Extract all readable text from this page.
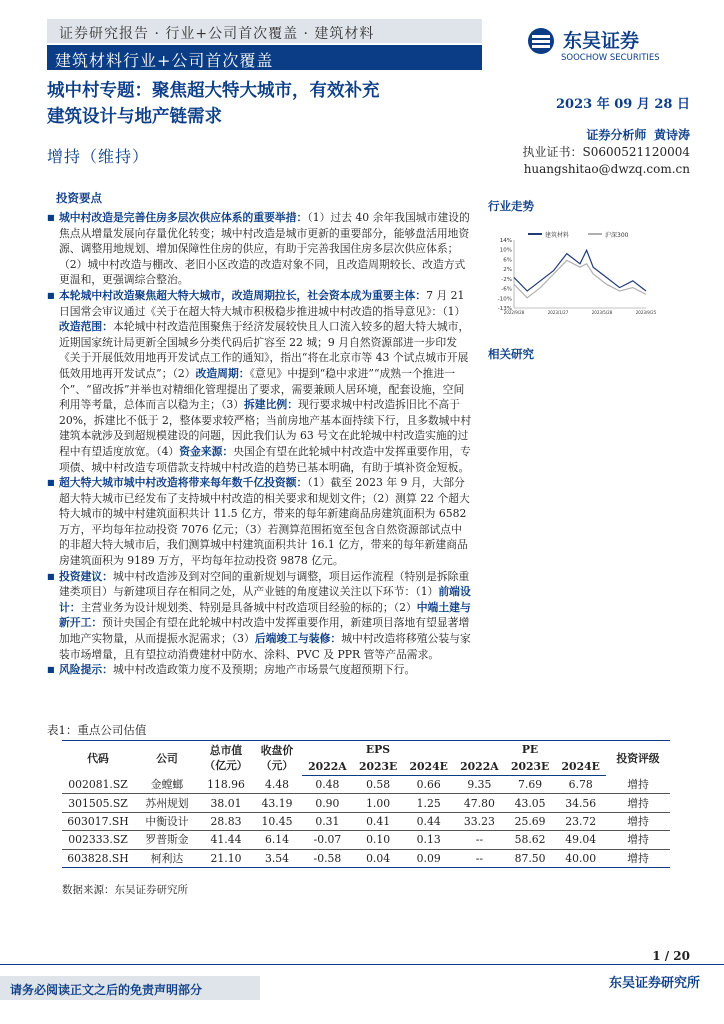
证券研究报告 · 行业+公司首次覆盖 · 建筑材料
建筑材料行业+公司首次覆盖
东吴证券
SOOCHOW SECURITIES
城中村专题：聚焦超大特大城市，有效补充
建筑设计与地产链需求
增持（维持）
2023 年 09 月 28 日
证券分析师 黄诗涛
执业证书：S0600521120004
huangshitao@dwzq.com.cn
投资要点
■ 城中村改造是完善住房多层次供应体系的重要举措：（1）过去 40 余年我国城市建设的焦点从增量发展向存量优化转变；城中村改造是城市更新的重要部分，能够盘活用地资源、调整用地规划、增加保障性住房的供应，有助于完善我国住房多层次供应体系；（2）城中村改造与棚改、老旧小区改造的改造对象不同，且改造周期较长、改造方式更温和，更强调综合整治。
■ 本轮城中村改造聚焦超大特大城市，改造周期拉长，社会资本成为重要主体：7 月 21 日国常会审议通过《关于在超大特大城市积极稳步推进城中村改造的指导意见》：（1）改造范围：本轮城中村改造范围聚焦于经济发展较快且人口流入较多的超大特大城市，近期国家统计局更新全国城乡分类代码后扩容至 22 城；9 月自然资源部进一步印发《关于开展低效用地再开发试点工作的通知》，指出“将在北京市等 43 个试点城市开展低效用地再开发试点”；（2）改造周期：《意见》中提到“稳中求进”“成熟一个推进一个”、“留改拆”并举也对精细化管理提出了要求，需要兼顾人居环境，配套设施，空间利用等考量，总体而言以稳为主；（3）拆建比例：现行要求城中村改造拆旧比不高于 20%，拆建比不低于 2，整体要求较严格；当前房地产基本面持续下行，且多数城中村建筑本就涉及到超规模建设的问题，因此我们认为 63 号文在此轮城中村改造实施的过程中有望适度放宽。（4）资金来源：央国企有望在此轮城中村改造中发挥重要作用，专项债、城中村改造专项借款支持城中村改造的趋势已基本明确，有助于填补资金短板。
■ 超大特大城市城中村改造将带来每年数千亿投资额：（1）截至 2023 年 9 月，大部分超大特大城市已经发布了支持城中村改造的相关要求和规划文件；（2）测算 22 个超大特大城市的城中村建筑面积共计 11.5 亿方，带来的每年新建商品房建筑面积为 6582 万方，平均每年拉动投资 7076 亿元；（3）若测算范围拓宽至包含自然资源部试点中的非超大特大城市后，我们测算城中村建筑面积共计 16.1 亿方，带来的每年新建商品房建筑面积为 9189 万方，平均每年拉动投资 9878 亿元。
■ 投资建议：城中村改造涉及到对空间的重新规划与调整，项目运作流程（特别是拆除重建类项目）与新建项目存在相同之处，从产业链的角度建议关注以下环节：（1）前端设计：主营业务为设计规划类、特别是具备城中村改造项目经验的标的；（2）中端土建与新开工：预计央国企有望在此轮城中村改造中发挥重要作用，新建项目落地有望显著增加地产实物量，从而提振水泥需求；（3）后端竣工与装修：城中村改造将移殖公装与家装市场增量，且有望拉动消费建材中防水、涂料、PVC 及 PPR 管等产品需求。
■ 风险提示：城中村改造政策力度不及预期；房地产市场景气度超预期下行。
行业走势
建筑材料	沪深300
14%
10%
6%
2%
-2%
-6%
-10%
-13%
2022/9/28	2023/1/27	2023/5/28	2023/9/25
相关研究
表1：重点公司估值
代码	公司	总市值（亿元）	收盘价（元）	EPS			PE			投资评级
				2022A	2023E	2024E	2022A	2023E	2024E	
002081.SZ	金螳螂	118.96	4.48	0.48	0.58	0.66	9.35	7.69	6.78	增持
301505.SZ	苏州规划	38.01	43.19	0.90	1.00	1.25	47.80	43.05	34.56	增持
603017.SH	中衡设计	28.83	10.45	0.31	0.41	0.44	33.23	25.69	23.72	增持
002333.SZ	罗普斯金	41.44	6.14	-0.07	0.10	0.13	--	58.62	49.04	增持
603828.SH	柯利达	21.10	3.54	-0.58	0.04	0.09	--	87.50	40.00	增持
数据来源：东吴证券研究所
1 / 20
请务必阅读正文之后的免责声明部分	东吴证券研究所
